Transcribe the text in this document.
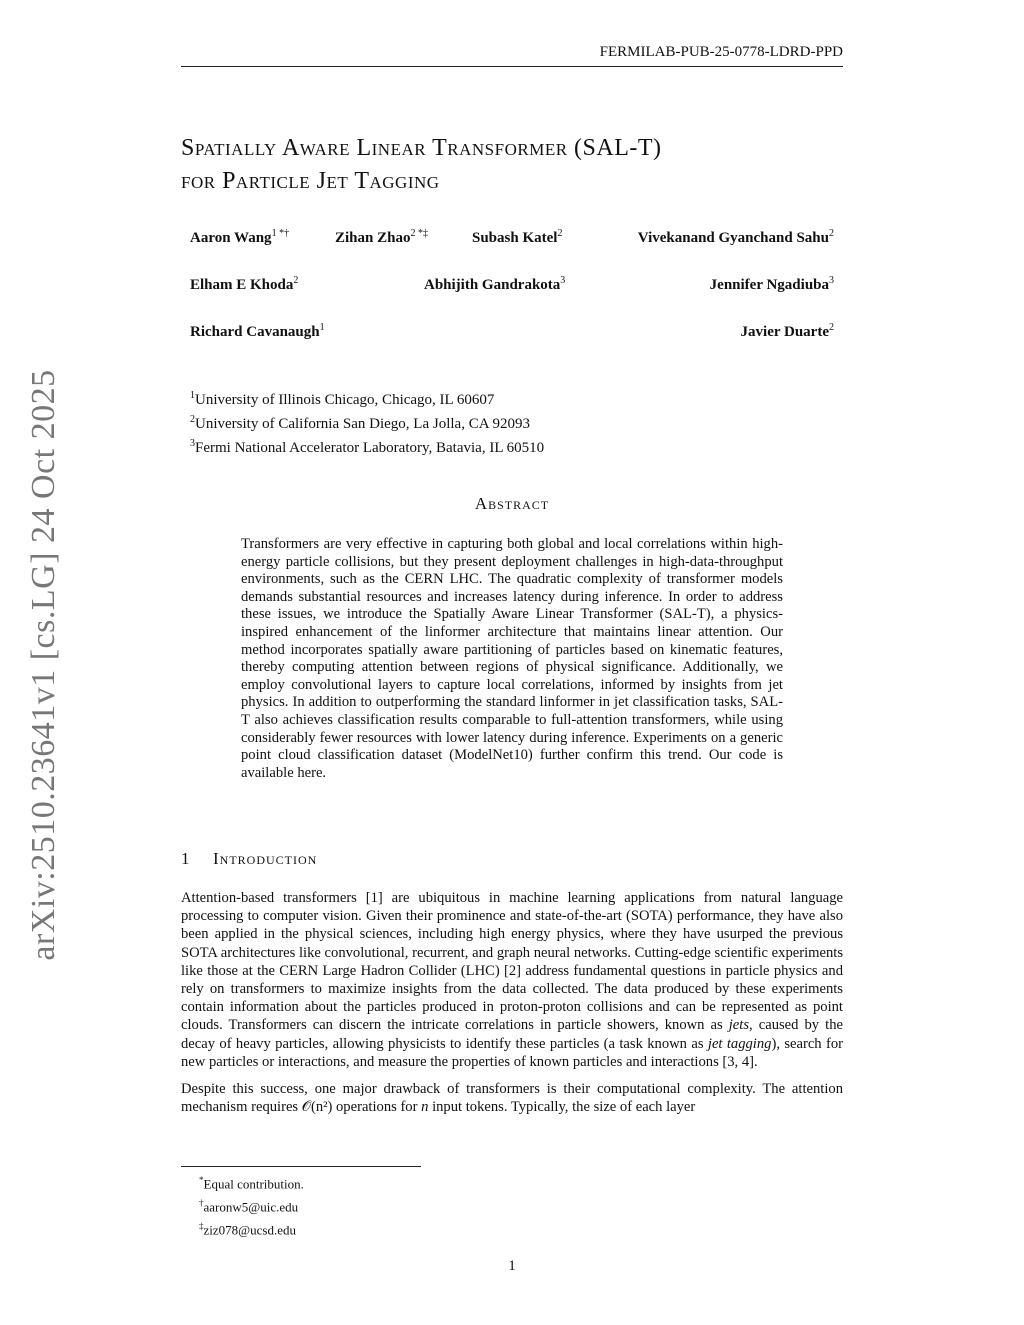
FERMILAB-PUB-25-0778-LDRD-PPD
arXiv:2510.23641v1 [cs.LG] 24 Oct 2025
Spatially Aware Linear Transformer (SAL-T)
for Particle Jet Tagging
Aaron Wang$^{1 *\dagger}$	Zihan Zhao$^{2 *\ddagger}$	Subash Katel$^2$	Vivekanand Gyanchand Sahu$^2$
Elham E Khoda$^2$	Abhijith Gandrakota$^3$	Jennifer Ngadiuba$^3$
Richard Cavanaugh$^1$	Javier Duarte$^2$
$^1$University of Illinois Chicago, Chicago, IL 60607
$^2$University of California San Diego, La Jolla, CA 92093
$^3$Fermi National Accelerator Laboratory, Batavia, IL 60510
Abstract
Transformers are very effective in capturing both global and local correlations within high-energy particle collisions, but they present deployment challenges in high-data-throughput environments, such as the CERN LHC. The quadratic complexity of transformer models demands substantial resources and increases latency during inference. In order to address these issues, we introduce the Spatially Aware Linear Transformer (SAL-T), a physics-inspired enhancement of the linformer architecture that maintains linear attention. Our method incorporates spatially aware partitioning of particles based on kinematic features, thereby computing attention between regions of physical significance. Additionally, we employ convolutional layers to capture local correlations, informed by insights from jet physics. In addition to outperforming the standard linformer in jet classification tasks, SAL-T also achieves classification results comparable to full-attention transformers, while using considerably fewer resources with lower latency during inference. Experiments on a generic point cloud classification dataset (ModelNet10) further confirm this trend. Our code is available here.
1 Introduction

Attention-based transformers [1] are ubiquitous in machine learning applications from natural language processing to computer vision. Given their prominence and state-of-the-art (SOTA) performance, they have also been applied in the physical sciences, including high energy physics, where they have usurped the previous SOTA architectures like convolutional, recurrent, and graph neural networks. Cutting-edge scientific experiments like those at the CERN Large Hadron Collider (LHC) [2] address fundamental questions in particle physics and rely on transformers to maximize insights from the data collected. The data produced by these experiments contain information about the particles produced in proton-proton collisions and can be represented as point clouds. Transformers can discern the intricate correlations in particle showers, known as jets, caused by the decay of heavy particles, allowing physicists to identify these particles (a task known as jet tagging), search for new particles or interactions, and measure the properties of known particles and interactions [3, 4].

Despite this success, one major drawback of transformers is their computational complexity. The attention mechanism requires 𝒪(n²) operations for n input tokens. Typically, the size of each layer

*Equal contribution.
†aaronw5@uic.edu
‡ziz078@ucsd.edu
1
